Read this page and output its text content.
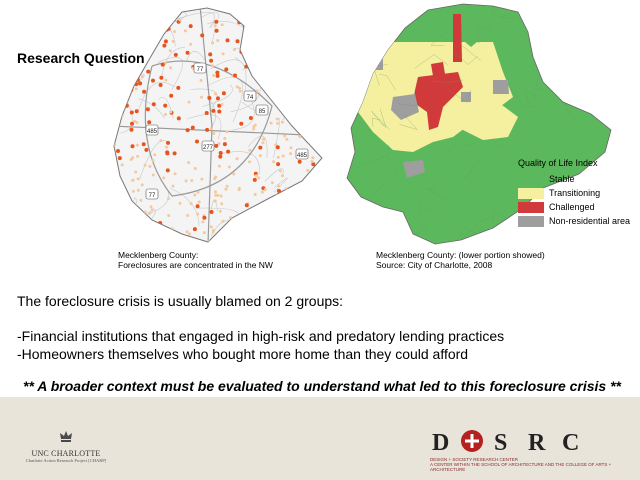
Research Question
77
85
485
277
77
485
74
Quality of Life Index
Stable
Transitioning
Challenged
Non-residential area
Mecklenberg County:
Foreclosures are concentrated in the NW
Mecklenberg County: (lower portion showed)
Source: City of Charlotte, 2008
The foreclosure crisis is usually blamed on 2 groups:
-Financial institutions that engaged in high-risk and predatory lending practices
-Homeowners themselves who bought more home than they could afford
** A broader context must be evaluated to understand what led to this foreclosure crisis **
UNC CHARLOTTE
Charlotte Action Research Project [CHARP]
D S R C
DESIGN + SOCIETY RESEARCH CENTER
A CENTER WITHIN THE SCHOOL OF ARCHITECTURE AND THE COLLEGE OF ARTS + ARCHITECTURE
